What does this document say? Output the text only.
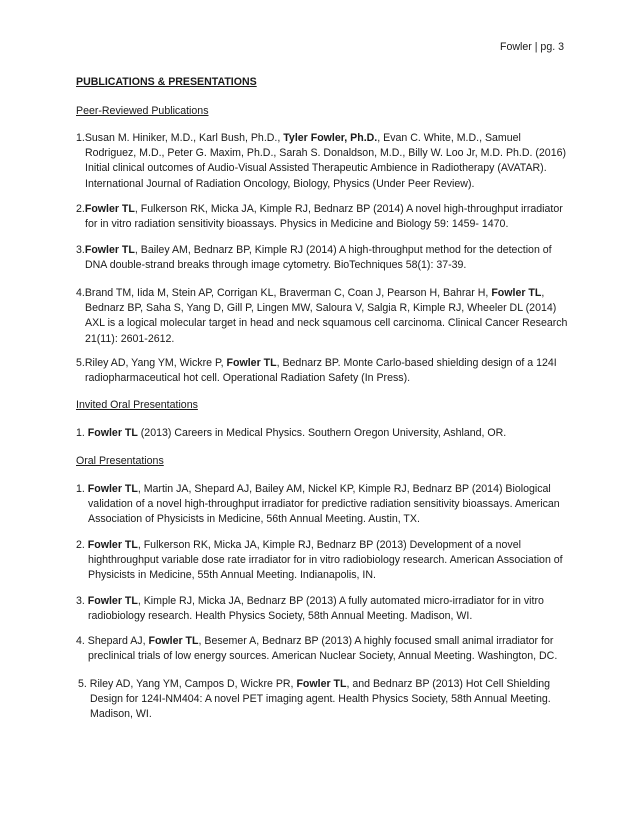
Fowler | pg. 3
PUBLICATIONS & PRESENTATIONS
Peer-Reviewed Publications
1.Susan M. Hiniker, M.D., Karl Bush, Ph.D., Tyler Fowler, Ph.D., Evan C. White, M.D., Samuel Rodriguez, M.D., Peter G. Maxim, Ph.D., Sarah S. Donaldson, M.D., Billy W. Loo Jr, M.D. Ph.D. (2016) Initial clinical outcomes of Audio-Visual Assisted Therapeutic Ambience in Radiotherapy (AVATAR). International Journal of Radiation Oncology, Biology, Physics (Under Peer Review).
2.Fowler TL, Fulkerson RK, Micka JA, Kimple RJ, Bednarz BP (2014) A novel high-throughput irradiator for in vitro radiation sensitivity bioassays. Physics in Medicine and Biology 59: 1459- 1470.
3.Fowler TL, Bailey AM, Bednarz BP, Kimple RJ (2014) A high-throughput method for the detection of DNA double-strand breaks through image cytometry. BioTechniques 58(1): 37-39.
4.Brand TM, Iida M, Stein AP, Corrigan KL, Braverman C, Coan J, Pearson H, Bahrar H, Fowler TL, Bednarz BP, Saha S, Yang D, Gill P, Lingen MW, Saloura V, Salgia R, Kimple RJ, Wheeler DL (2014) AXL is a logical molecular target in head and neck squamous cell carcinoma. Clinical Cancer Research 21(11): 2601-2612.
5.Riley AD, Yang YM, Wickre P, Fowler TL, Bednarz BP. Monte Carlo-based shielding design of a 124I radiopharmaceutical hot cell. Operational Radiation Safety (In Press).
Invited Oral Presentations
1. Fowler TL (2013) Careers in Medical Physics. Southern Oregon University, Ashland, OR.
Oral Presentations
1. Fowler TL, Martin JA, Shepard AJ, Bailey AM, Nickel KP, Kimple RJ, Bednarz BP (2014) Biological validation of a novel high-throughput irradiator for predictive radiation sensitivity bioassays. American Association of Physicists in Medicine, 56th Annual Meeting. Austin, TX.
2. Fowler TL, Fulkerson RK, Micka JA, Kimple RJ, Bednarz BP (2013) Development of a novel highthroughput variable dose rate irradiator for in vitro radiobiology research. American Association of Physicists in Medicine, 55th Annual Meeting. Indianapolis, IN.
3. Fowler TL, Kimple RJ, Micka JA, Bednarz BP (2013) A fully automated micro-irradiator for in vitro radiobiology research. Health Physics Society, 58th Annual Meeting. Madison, WI.
4. Shepard AJ, Fowler TL, Besemer A, Bednarz BP (2013) A highly focused small animal irradiator for preclinical trials of low energy sources. American Nuclear Society, Annual Meeting. Washington, DC.
5. Riley AD, Yang YM, Campos D, Wickre PR, Fowler TL, and Bednarz BP (2013) Hot Cell Shielding Design for 124I-NM404: A novel PET imaging agent. Health Physics Society, 58th Annual Meeting. Madison, WI.
